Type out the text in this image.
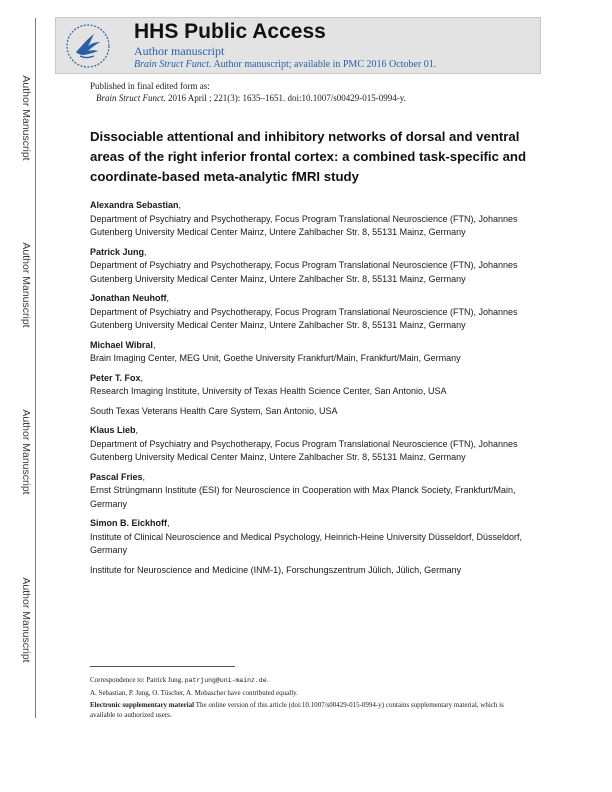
Author Manuscript
Author Manuscript
Author Manuscript
Author Manuscript
HHS Public Access
Author manuscript
Brain Struct Funct. Author manuscript; available in PMC 2016 October 01.
Published in final edited form as:
Brain Struct Funct. 2016 April ; 221(3): 1635–1651. doi:10.1007/s00429-015-0994-y.
Dissociable attentional and inhibitory networks of dorsal and ventral areas of the right inferior frontal cortex: a combined task-specific and coordinate-based meta-analytic fMRI study
Alexandra Sebastian,
Department of Psychiatry and Psychotherapy, Focus Program Translational Neuroscience (FTN), Johannes Gutenberg University Medical Center Mainz, Untere Zahlbacher Str. 8, 55131 Mainz, Germany
Patrick Jung,
Department of Psychiatry and Psychotherapy, Focus Program Translational Neuroscience (FTN), Johannes Gutenberg University Medical Center Mainz, Untere Zahlbacher Str. 8, 55131 Mainz, Germany
Jonathan Neuhoff,
Department of Psychiatry and Psychotherapy, Focus Program Translational Neuroscience (FTN), Johannes Gutenberg University Medical Center Mainz, Untere Zahlbacher Str. 8, 55131 Mainz, Germany
Michael Wibral,
Brain Imaging Center, MEG Unit, Goethe University Frankfurt/Main, Frankfurt/Main, Germany
Peter T. Fox,
Research Imaging Institute, University of Texas Health Science Center, San Antonio, USA
South Texas Veterans Health Care System, San Antonio, USA
Klaus Lieb,
Department of Psychiatry and Psychotherapy, Focus Program Translational Neuroscience (FTN), Johannes Gutenberg University Medical Center Mainz, Untere Zahlbacher Str. 8, 55131 Mainz, Germany
Pascal Fries,
Ernst Strüngmann Institute (ESI) for Neuroscience in Cooperation with Max Planck Society, Frankfurt/Main, Germany
Simon B. Eickhoff,
Institute of Clinical Neuroscience and Medical Psychology, Heinrich-Heine University Düsseldorf, Düsseldorf, Germany
Institute for Neuroscience and Medicine (INM-1), Forschungszentrum Jülich, Jülich, Germany

Correspondence to: Patrick Jung, patrjung@uni-mainz.de.

A. Sebastian, P. Jung, O. Tüscher, A. Mobascher have contributed equally.

Electronic supplementary material The online version of this article (doi:10.1007/s00429-015-0994-y) contains supplementary material, which is available to authorized users.
